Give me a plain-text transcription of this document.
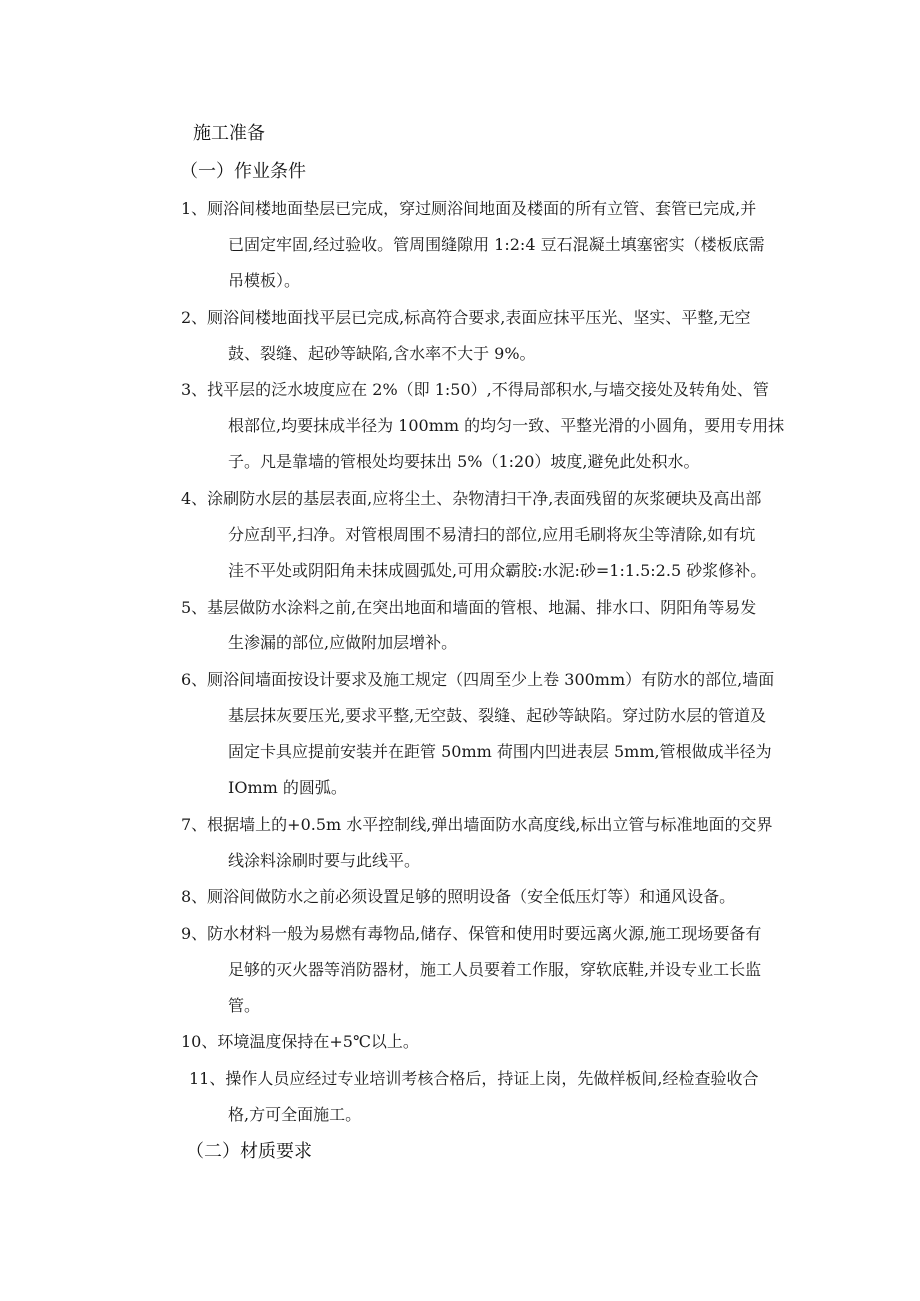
施工准备
（一）作业条件
1、厕浴间楼地面垫层已完成，穿过厕浴间地面及楼面的所有立管、套管已完成,并
已固定牢固,经过验收。管周围缝隙用 1:2:4 豆石混凝土填塞密实（楼板底需
吊模板）。
2、厕浴间楼地面找平层已完成,标高符合要求,表面应抹平压光、坚实、平整,无空
鼓、裂缝、起砂等缺陷,含水率不大于 9%。
3、找平层的泛水坡度应在 2%（即 1:50）,不得局部积水,与墙交接处及转角处、管
根部位,均要抹成半径为 100mm 的均匀一致、平整光滑的小圆角，要用专用抹
子。凡是靠墙的管根处均要抹出 5%（1:20）坡度,避免此处积水。
4、涂刷防水层的基层表面,应将尘土、杂物清扫干净,表面残留的灰浆硬块及高出部
分应刮平,扫净。对管根周围不易清扫的部位,应用毛刷将灰尘等清除,如有坑
洼不平处或阴阳角未抹成圆弧处,可用众霸胶:水泥:砂=1:1.5:2.5 砂浆修补。
5、基层做防水涂料之前,在突出地面和墙面的管根、地漏、排水口、阴阳角等易发
生渗漏的部位,应做附加层增补。
6、厕浴间墙面按设计要求及施工规定（四周至少上卷 300mm）有防水的部位,墙面
基层抹灰要压光,要求平整,无空鼓、裂缝、起砂等缺陷。穿过防水层的管道及
固定卡具应提前安装并在距管 50mm 荷围内凹进表层 5mm,管根做成半径为
IOmm 的圆弧。
7、根据墙上的+0.5m 水平控制线,弹出墙面防水高度线,标出立管与标准地面的交界
线涂料涂刷时要与此线平。
8、厕浴间做防水之前必须设置足够的照明设备（安全低压灯等）和通风设备。
9、防水材料一般为易燃有毒物品,储存、保管和使用时要远离火源,施工现场要备有
足够的灭火器等消防器材，施工人员要着工作服，穿软底鞋,并设专业工长监
管。
10、环境温度保持在+5℃以上。
11、操作人员应经过专业培训考核合格后，持证上岗，先做样板间,经检查验收合
格,方可全面施工。
（二）材质要求
